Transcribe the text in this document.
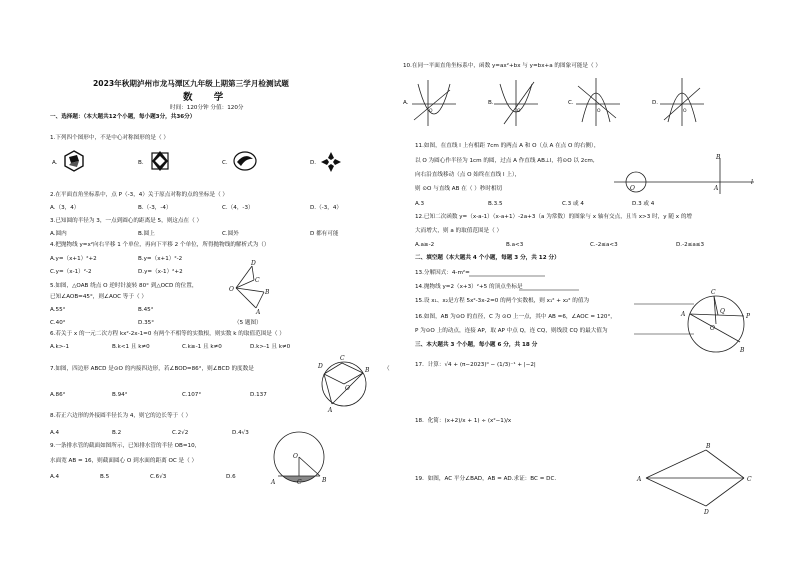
2023年秋期泸州市龙马潭区九年级上期第三学月检测试题
数 学
时间：120分钟 分值：120分
一、选择题：（本大题共12个小题，每小题3分，共36分）
1.下列四个图形中，不是中心对称图形的是（ ）
A.	B.	C.	D.
2.在平面直角坐标系中，点 P（-3，4）关于原点对称的点的坐标是（ ）
A.（3，4）	B.（-3，-4）	C.（4，-3）	D.（-3，4）
3.已知圆的半径为 3，一点到圆心的距离是 5，则这点在（ ）
A.圆内	B.圆上	C.圆外	D 都有可能
4.把抛物线 y=x²向右平移 1 个单位，再向下平移 2 个单位，所得抛物线的解析式为（）
A.y=（x+1）²+2	B.y=（x+1）²-2
C.y=（x-1）²-2	D.y=（x-1）²+2
5.如图，△OAB 绕点 O 逆时针旋转 80° 到△OCD 的位置，
已知∠AOB=45°，则∠AOC 等于（ ）
A.55°	B.45°
C.40°	D.35°	（5 题图）
6.若关于 x 的一元二次方程 kx²-2x-1=0 有两个不相等的实数根，则实数 k 的取值范围是（ ）
A.k>-1	B.k<1 且 k≠0	C.k≥-1 且 k≠0	D.k>-1 且 k≠0
7.如图，四边形 ABCD 是⊙O 的内接四边形，若∠BOD=86°，则∠BCD 的度数是	（
A.86°	B.94°	C.107°	D.137
8.若正六边形的外接圆半径长为 4，则它的边长等于（ ）
A.4	B.2	C.2√2	D.4√3
9.一条排水管的截面如图所示，已知排水管的半径 OB=10，
水面宽 AB = 16，则截面圆心 O 到水面的距离 OC 是（ ）
A.4	B.5	C.6√3	D.6
D
C
B
O
A
D
C
O
B
A
O
A	C	B
10.在同一平面直角坐标系中，函数 y=ax²+bx 与 y=bx+a 的图象可能是（ ）
A.	B.	C.	D.
11.如图，在直线 l 上有相距 7cm 的两点 A 和 O（点 A 在点 O 的右侧），
以 O 为圆心作半径为 1cm 的圆，过点 A 作直线 AB⊥l，将⊙O 以 2cm,
向右沿直线移动（点 O 始终在直线 l 上），
则 ⊙O 与直线 AB 在（ ）秒时相切
A.3	B.3.5	C.3 或 4	D.3 或 4
12.已知二次函数 y=（x-a-1）（x-a+1）-2a+3（a 为常数）的图象与 x 轴有交点，且当 x>3 时，y 随 x 的增
大而增大，则 a 的取值范围是（ ）
A.a≥-2	B.a<3	C.-2≤a<3	D.-2≤a≤3
二、填空题（本大题共 4 个小题，每题 3 分，共 12 分）
13.分解因式：4-m²=
14.抛物线 y=2（x+3）²+5 的顶点坐标是
15.设 x₁、x₂是方程 5x²-3x-2=0 的两个实数根，则 x₁² + x₂² 的值为
16.如图，AB 为⊙O 的直径，C 为 ⊙O 上一点，其中 AB =6，∠AOC = 120°，
P 为⊙O 上的动点，连接 AP，取 AP 中点 Q，连 CQ，则线段 CQ 的最大值为
三、本大题共 3 个小题，每小题 6 分，共 18 分
17．计算：√4 + (π−2023)⁰ − (1/3)⁻¹ + |−2|
18．化简：(x+2)/x + 1) ÷ (x²−1)/x
19．如图，AC 平分∠BAD，AB = AD.求证：BC = DC.
O	O	O	O
B
O	A
l
C
A
O
B
P
Q
B
A	C
D
